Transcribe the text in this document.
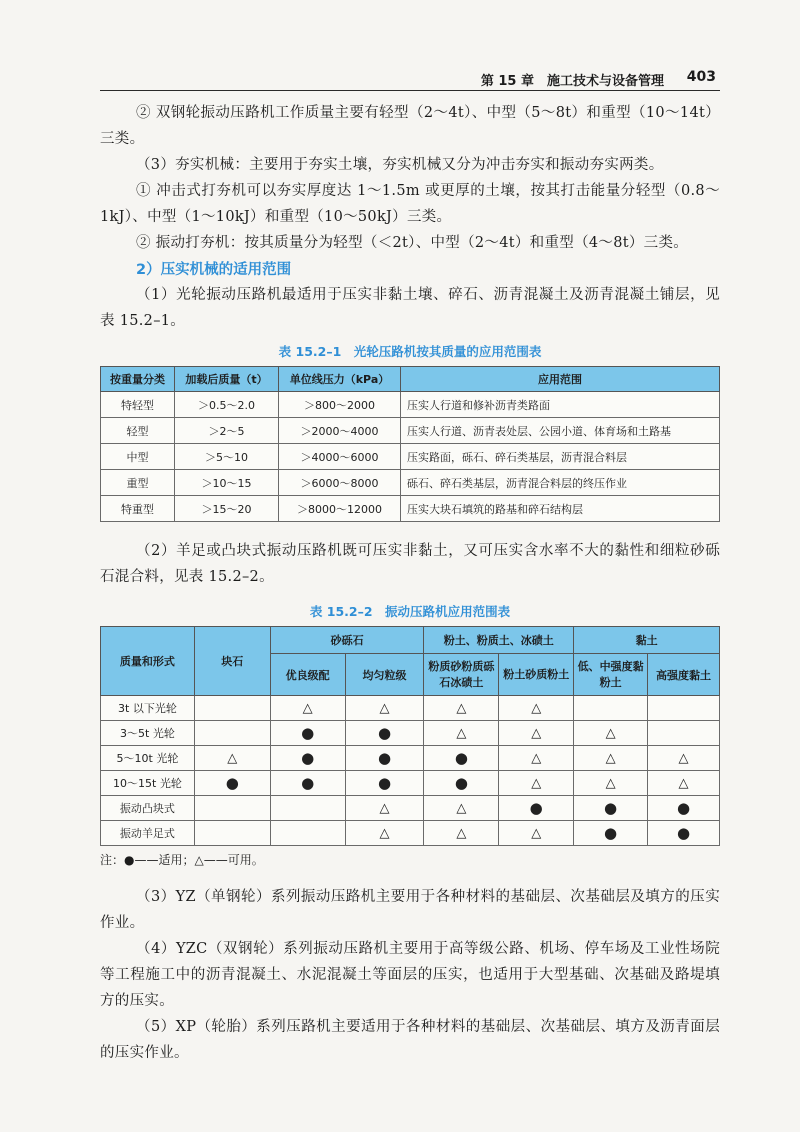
第 15 章　施工技术与设备管理 403
② 双钢轮振动压路机工作质量主要有轻型（2～4t）、中型（5～8t）和重型（10～14t）三类。
（3）夯实机械：主要用于夯实土壤，夯实机械又分为冲击夯实和振动夯实两类。
① 冲击式打夯机可以夯实厚度达 1～1.5m 或更厚的土壤，按其打击能量分轻型（0.8～1kJ）、中型（1～10kJ）和重型（10～50kJ）三类。
② 振动打夯机：按其质量分为轻型（＜2t）、中型（2～4t）和重型（4～8t）三类。
2）压实机械的适用范围
（1）光轮振动压路机最适用于压实非黏土壤、碎石、沥青混凝土及沥青混凝土铺层，见表 15.2–1。
表 15.2–1　光轮压路机按其质量的应用范围表
按重量分类	加载后质量（t）	单位线压力（kPa）	应用范围
特轻型	＞0.5～2.0	＞800～2000	压实人行道和修补沥青类路面
轻型	＞2～5	＞2000～4000	压实人行道、沥青表处层、公园小道、体育场和土路基
中型	＞5～10	＞4000～6000	压实路面，砾石、碎石类基层，沥青混合料层
重型	＞10～15	＞6000～8000	砾石、碎石类基层，沥青混合料层的终压作业
特重型	＞15～20	＞8000～12000	压实大块石填筑的路基和碎石结构层
（2）羊足或凸块式振动压路机既可压实非黏土，又可压实含水率不大的黏性和细粒砂砾石混合料，见表 15.2–2。
表 15.2–2　振动压路机应用范围表
质量和形式	块石	砂砾石		粉土、粉质土、冰碛土		黏土	
		优良级配	均匀粒级	粉质砂粉质砾石冰碛土	粉土砂质粉土	低、中强度黏粉土	高强度黏土
3t 以下光轮		△	△	△	△		
3～5t 光轮		●	●	△	△	△	
5～10t 光轮	△	●	●	●	△	△	△
10～15t 光轮	●	●	●	●	△	△	△
振动凸块式			△	△	●	●	●
振动羊足式			△	△	△	●	●
注：●——适用；△——可用。
（3）YZ（单钢轮）系列振动压路机主要用于各种材料的基础层、次基础层及填方的压实作业。
（4）YZC（双钢轮）系列振动压路机主要用于高等级公路、机场、停车场及工业性场院等工程施工中的沥青混凝土、水泥混凝土等面层的压实，也适用于大型基础、次基础及路堤填方的压实。
（5）XP（轮胎）系列压路机主要适用于各种材料的基础层、次基础层、填方及沥青面层的压实作业。
